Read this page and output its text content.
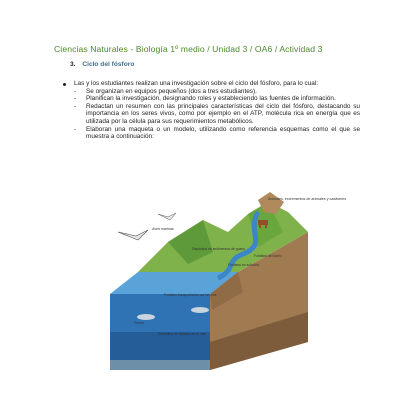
Ciencias Naturales - Biología 1º medio / Unidad 3 / OA6 / Actividad 3
3. Ciclo del fósforo
Las y los estudiantes realizan una investigación sobre el ciclo del fósforo, para lo cual:
- Se organizan en equipos pequeños (dos a tres estudiantes).
- Planifican la investigación, designando roles y estableciendo las fuentes de información.
- Redactan un resumen con las principales características del ciclo del fósforo, destacando su importancia en los seres vivos, como por ejemplo en el ATP, molécula rica en energía que es utilizada por la célula para sus requerimientos metabólicos.
- Elaboran una maqueta o un modelo, utilizando como referencia esquemas como el que se muestra a continuación:
Animales, excrementos de animales y cadáveres
Aves marinas
Depósitos de sedimentos de guano
Fosfatos del suelo
Fosfatos en solución
Fosfatos transportados por los ríos
Peces
Depósitos de fosfatos en el mar
